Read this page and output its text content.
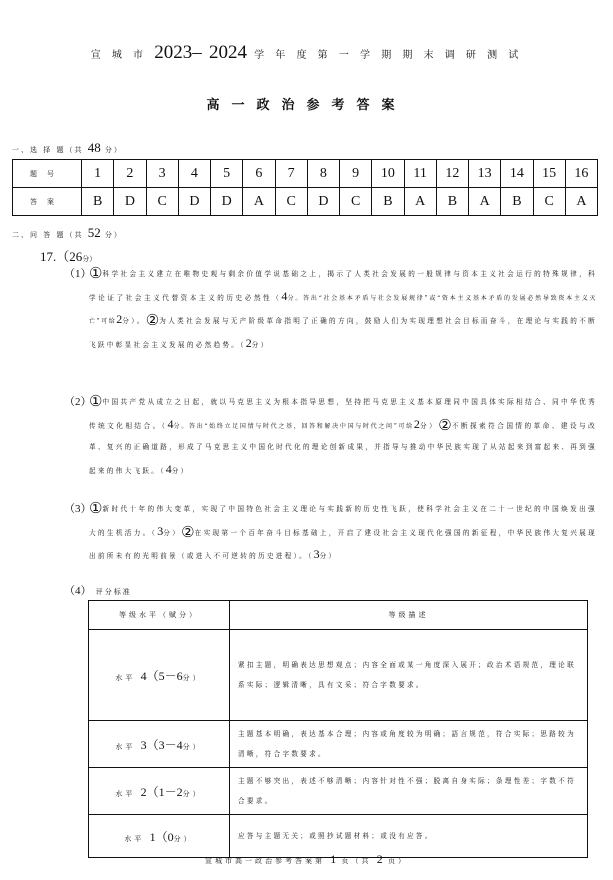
宣 城 市 2023– 2024 学 年 度 第 一 学 期 期 末 调 研 测 试
高一政治参考答案
一、选 择 题（共 48 分）
题号	1	2	3	4	5	6	7	8	9	10	11	12	13	14	15	16
答案	B	D	C	D	D	A	C	D	C	B	A	B	A	B	C	A
二、问 答 题（共 52 分）
17.（26分）
（1）
①科学社会主义建立在唯物史观与剩余价值学说基础之上，揭示了人类社会发展的一般规律与资本主义社会运行的特殊规律，科学论证了社会主义代替资本主义的历史必然性（4分。答出“社会基本矛盾与社会发展规律”或“资本主义基本矛盾的发展必然导致资本主义灭亡”可给2分）。②为人类社会发展与无产阶级革命指明了正确的方向，鼓励人们为实现理想社会目标而奋斗，在理论与实践的不断飞跃中彰显社会主义发展的必然趋势。（2分）
（2）
①中国共产党从成立之日起，就以马克思主义为根本指导思想，坚持把马克思主义基本原理同中国具体实际相结合、同中华优秀传统文化相结合。（4分。答出“始终立足国情与时代之基，回答和解决中国与时代之问”可给2分）②不断探索符合国情的革命、建设与改革、复兴的正确道路，形成了马克思主义中国化时代化的理论创新成果，并指导与推动中华民族实现了从站起来到富起来、再到强起来的伟大飞跃。（4分）
（3）
①新时代十年的伟大变革，实现了中国特色社会主义理论与实践新的历史性飞跃，使科学社会主义在二十一世纪的中国焕发出强大的生机活力。（3分）②在实现第一个百年奋斗目标基础上，开启了建设社会主义现代化强国的新征程，中华民族伟大复兴展现出前所未有的光明前景（或进入不可逆转的历史进程）。（3分）
（4） 评分标准
等级水平（赋分）	等级描述
水平 4（5－6分）	紧扣主题，明确表达思想观点；内容全面或某一角度深入展开；政治术语规范，理论联系实际；逻辑清晰，具有文采；符合字数要求。
水平 3（3－4分）	主题基本明确，表达基本合理；内容或角度较为明确；語言规范，符合实际；思路较为清晰，符合字数要求。
水平 2（1－2分）	主题不够突出，表述不够清晰；内容针对性不强；脱离自身实际；条理性差；字数不符合要求。
水平 1（0分）	应答与主题无关；或照抄试题材料；或没有应答。
宣城市高一政治参考答案第 1 页（共 2 页）
